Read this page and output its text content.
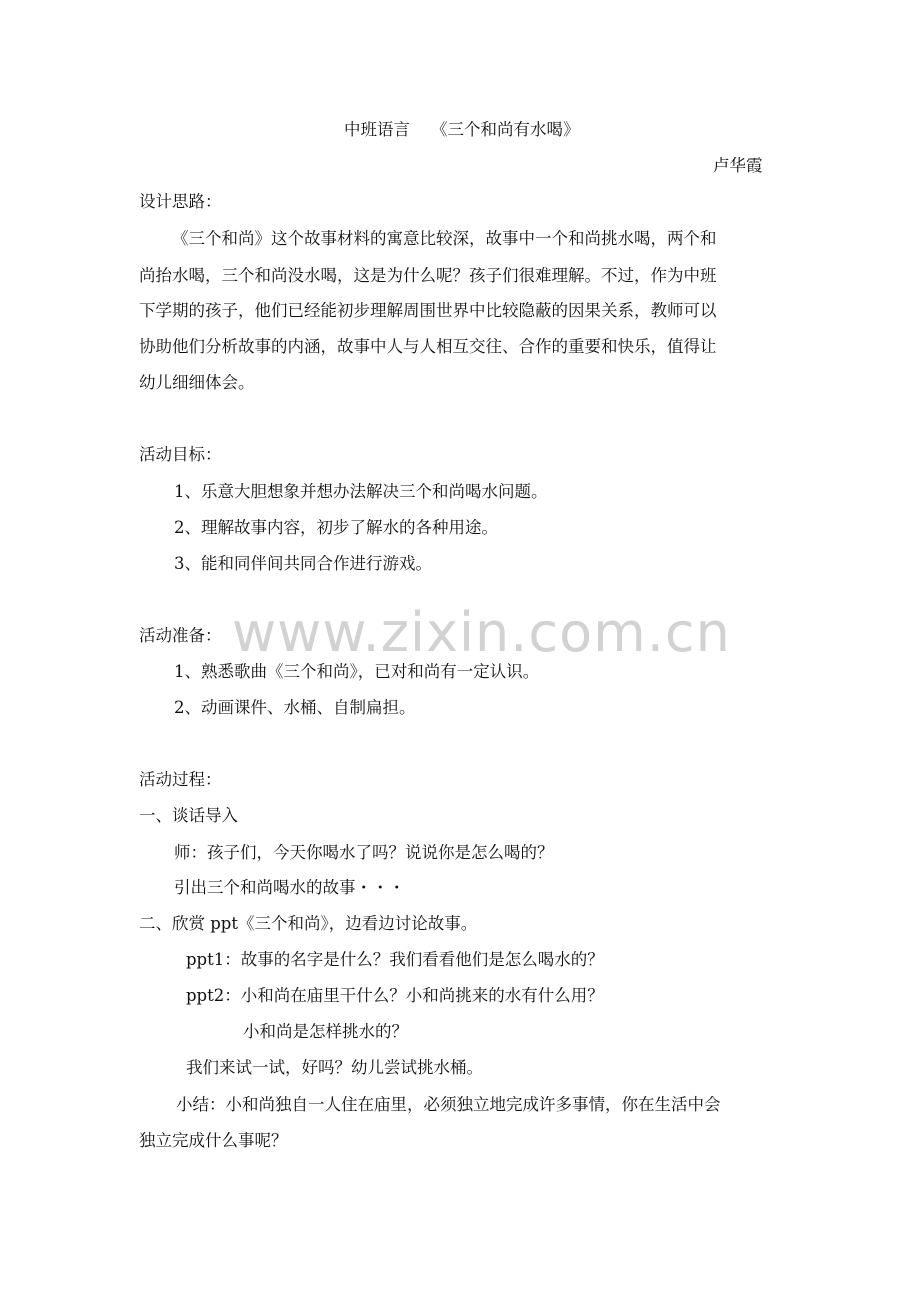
中班语言    《三个和尚有水喝》
卢华霞
设计思路：
《三个和尚》这个故事材料的寓意比较深，故事中一个和尚挑水喝，两个和
尚抬水喝，三个和尚没水喝，这是为什么呢？孩子们很难理解。不过，作为中班
下学期的孩子，他们已经能初步理解周围世界中比较隐蔽的因果关系，教师可以
协助他们分析故事的内涵，故事中人与人相互交往、合作的重要和快乐，值得让
幼儿细细体会。
活动目标：
1、乐意大胆想象并想办法解决三个和尚喝水问题。
2、理解故事内容，初步了解水的各种用途。
3、能和同伴间共同合作进行游戏。
www.zixin.com.cn
活动准备：
1、熟悉歌曲《三个和尚》，已对和尚有一定认识。
2、动画课件、水桶、自制扁担。
活动过程：
一、谈话导入
师：孩子们，今天你喝水了吗？说说你是怎么喝的？
引出三个和尚喝水的故事・・・
二、欣赏 ppt《三个和尚》，边看边讨论故事。
ppt1：故事的名字是什么？我们看看他们是怎么喝水的？
ppt2：小和尚在庙里干什么？小和尚挑来的水有什么用？
小和尚是怎样挑水的？
我们来试一试，好吗？幼儿尝试挑水桶。
小结：小和尚独自一人住在庙里，必须独立地完成许多事情，你在生活中会
独立完成什么事呢？
